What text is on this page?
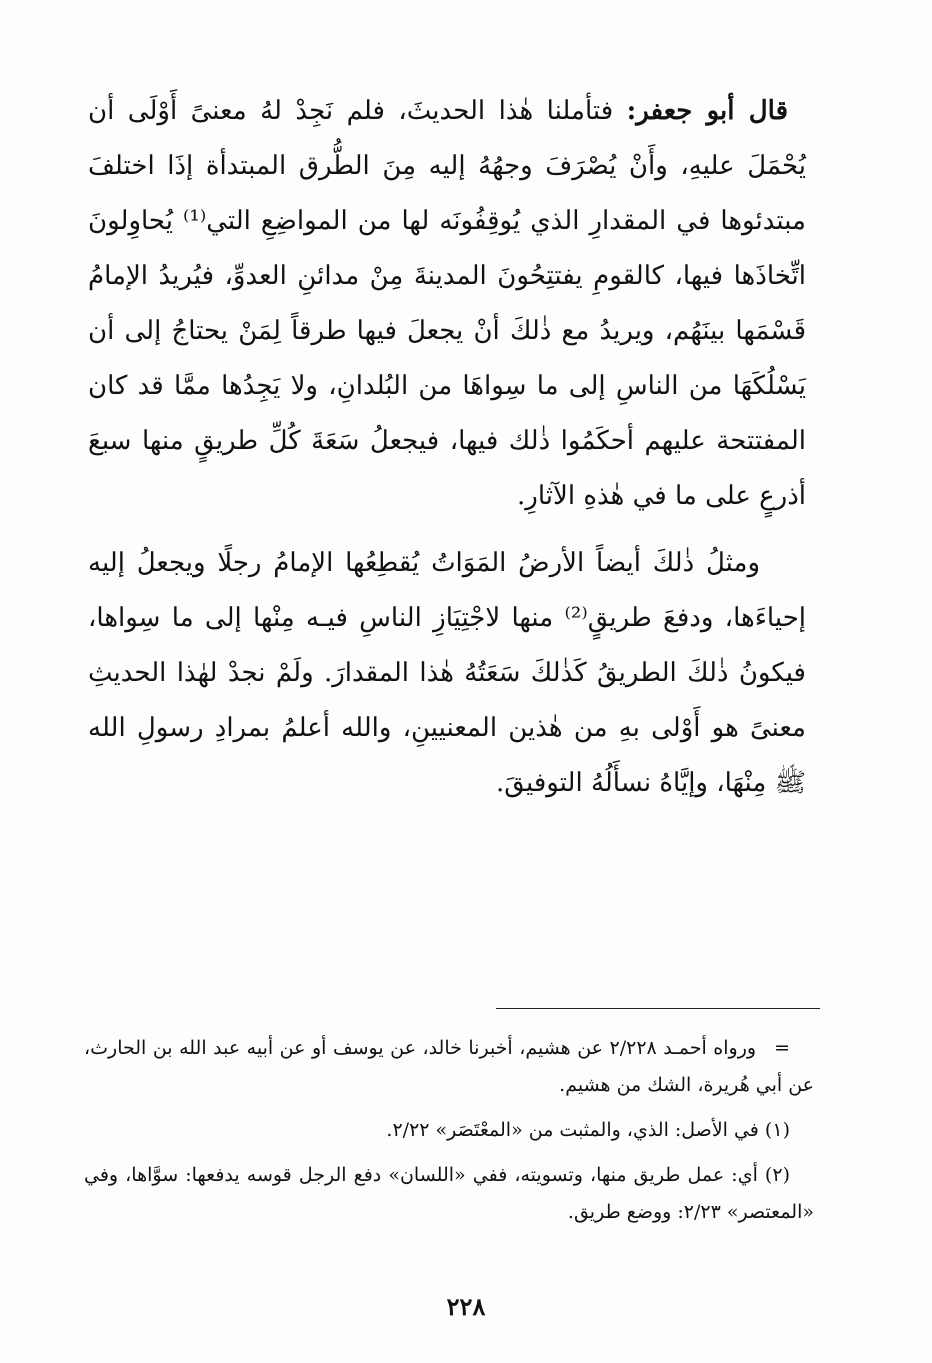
قال أبو جعفر: فتأملنا هٰذا الحديثَ، فلم نَجِدْ لهُ معنىً أَوْلَى أن يُحْمَلَ عليهِ، وأَنْ يُصْرَفَ وجهُهُ إليه مِنَ الطُّرق المبتدأة إذَا اختلفَ مبتدئوها في المقدارِ الذي يُوقِفُونَه لها من المواضِعِ التي⁽¹⁾ يُحاوِلونَ اتِّخاذَها فيها، كالقومِ يفتتِحُونَ المدينةَ مِنْ مدائنِ العدوِّ، فيُريدُ الإمامُ قَسْمَها بينَهُم، ويريدُ مع ذٰلكَ أنْ يجعلَ فيها طرقاً لِمَنْ يحتاجُ إلى أن يَسْلُكَهَا من الناسِ إلى ما سِواهَا من البُلدانِ، ولا يَجِدُها ممَّا قد كان المفتتحة عليهم أحكَمُوا ذٰلك فيها، فيجعلُ سَعَةَ كُلِّ طريقٍ منها سبعَ أذرعٍ على ما في هٰذهِ الآثارِ.

ومثلُ ذٰلكَ أيضاً الأرضُ المَوَاتُ يُقطِعُها الإمامُ رجلًا ويجعلُ إليه إحياءَها، ودفعَ طريقٍ⁽²⁾ منها لاجْتِيَازِ الناسِ فيـه مِنْها إلى ما سِواها، فيكونُ ذٰلكَ الطريقُ كَذٰلكَ سَعَتُهُ هٰذا المقدارَ. ولَمْ نجدْ لهٰذا الحديثِ معنىً هو أَوْلى بهِ من هٰذين المعنيينِ، والله أعلمُ بمرادِ رسولِ الله ﷺ مِنْهَا، وإيَّاهُ نسأَلُهُ التوفيقَ.

=ورواه أحمـد ٢/٢٢٨ عن هشيم، أخبرنا خالد، عن يوسف أو عن أبيه عبد الله بن الحارث، عن أبي هُريرة، الشك من هشيم.

(١) في الأصل: الذي، والمثبت من «المعْتَصَر» ٢/٢٢.

(٢) أي: عمل طريق منها، وتسويته، ففي «اللسان» دفع الرجل قوسه يدفعها: سوَّاها، وفي «المعتصر» ٢/٢٣: ووضع طريق.

٢٢٨
